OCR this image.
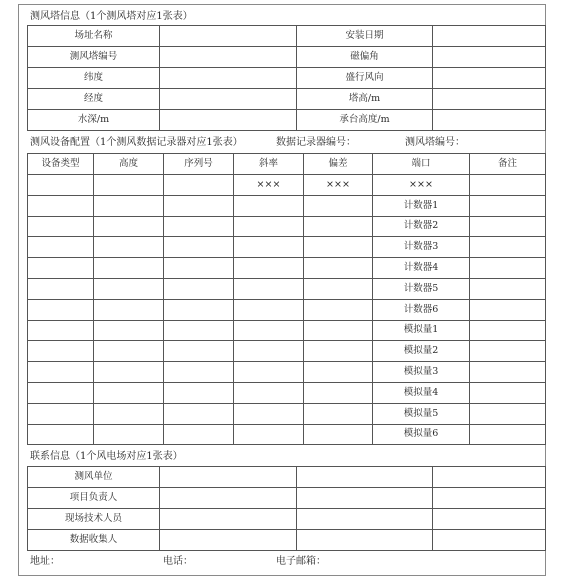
测风塔信息（1个测风塔对应1张表）
场址名称		安装日期	
测风塔编号		磁偏角	
纬度		盛行风向	
经度		塔高/m	
水深/m		承台高度/m	
测风设备配置（1个测风数据记录器对应1张表）	数据记录器编号：	测风塔编号：
设备类型	高度	序列号	斜率	偏差	端口	备注
			×××	×××	×××	
					计数器1	
					计数器2	
					计数器3	
					计数器4	
					计数器5	
					计数器6	
					模拟量1	
					模拟量2	
					模拟量3	
					模拟量4	
					模拟量5	
					模拟量6	
联系信息（1个风电场对应1张表）
测风单位			
项目负责人			
现场技术人员			
数据收集人			
地址：	电话：	电子邮箱：
